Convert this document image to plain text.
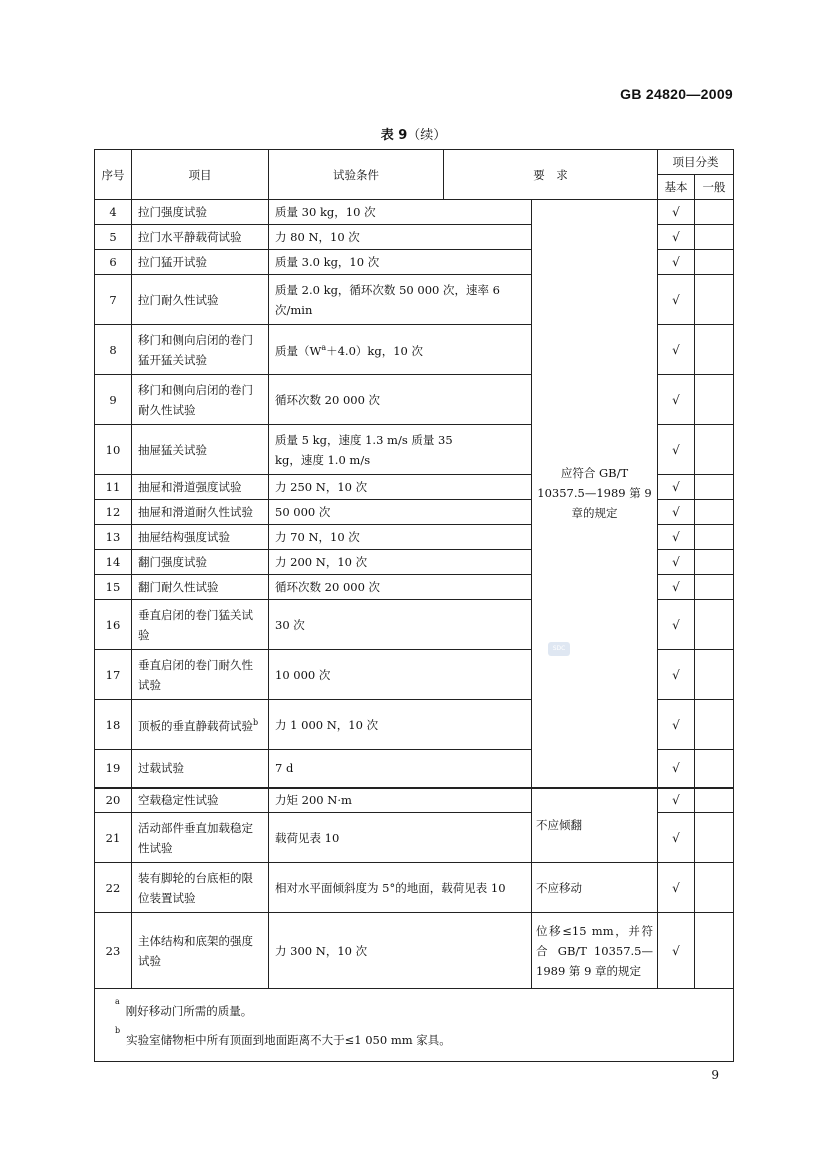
GB 24820—2009
表 9（续）
序号	项目	试验条件	要　求		项目分类	
					基本	一般
4	拉门强度试验	质量 30 kg，10 次		应符合 GB/T 10357.5—1989 第 9 章的规定	√	
5	拉门水平静载荷试验	力 80 N，10 次			√	
6	拉门猛开试验	质量 3.0 kg，10 次			√	
7	拉门耐久性试验	质量 2.0 kg，循环次数 50 000 次，速率 6 次/min			√	
8	移门和侧向启闭的卷门猛开猛关试验	质量$(W^a+4.0)kg$，10 次			√	
9	移门和侧向启闭的卷门耐久性试验	循环次数 20 000 次			√	
10	抽屉猛关试验	质量 5 kg，速度 1.3 m/s 质量 35 kg，速度 1.0 m/s			√	
11	抽屉和滑道强度试验	力 250 N，10 次			√	
12	抽屉和滑道耐久性试验	50 000 次			√	
13	抽屉结构强度试验	力 70 N，10 次			√	
14	翻门强度试验	力 200 N，10 次			√	
15	翻门耐久性试验	循环次数 20 000 次			√	
16	垂直启闭的卷门猛关试验	30 次			√	
17	垂直启闭的卷门耐久性试验	10 000 次			√	
18	顶板的垂直静载荷试验$^b$	力 1 000 N，10 次			√	
19	过载试验	7 d			√	
20	空载稳定性试验	力矩 200 N·m		不应倾翻	√	
21	活动部件垂直加载稳定性试验	载荷见表 10			√	
22	装有脚轮的台底柜的限位装置试验	相对水平面倾斜度为 5°的地面，载荷见表 10		不应移动	√	
23	主体结构和底架的强度试验	力 300 N，10 次		位移≤15 mm，并符合 GB/T 10357.5—1989 第 9 章的规定	√	

$^a$刚好移动门所需的质量。
$^b$实验室储物柜中所有顶面到地面距离不大于≤1 050 mm 家具。						
SDC
9
